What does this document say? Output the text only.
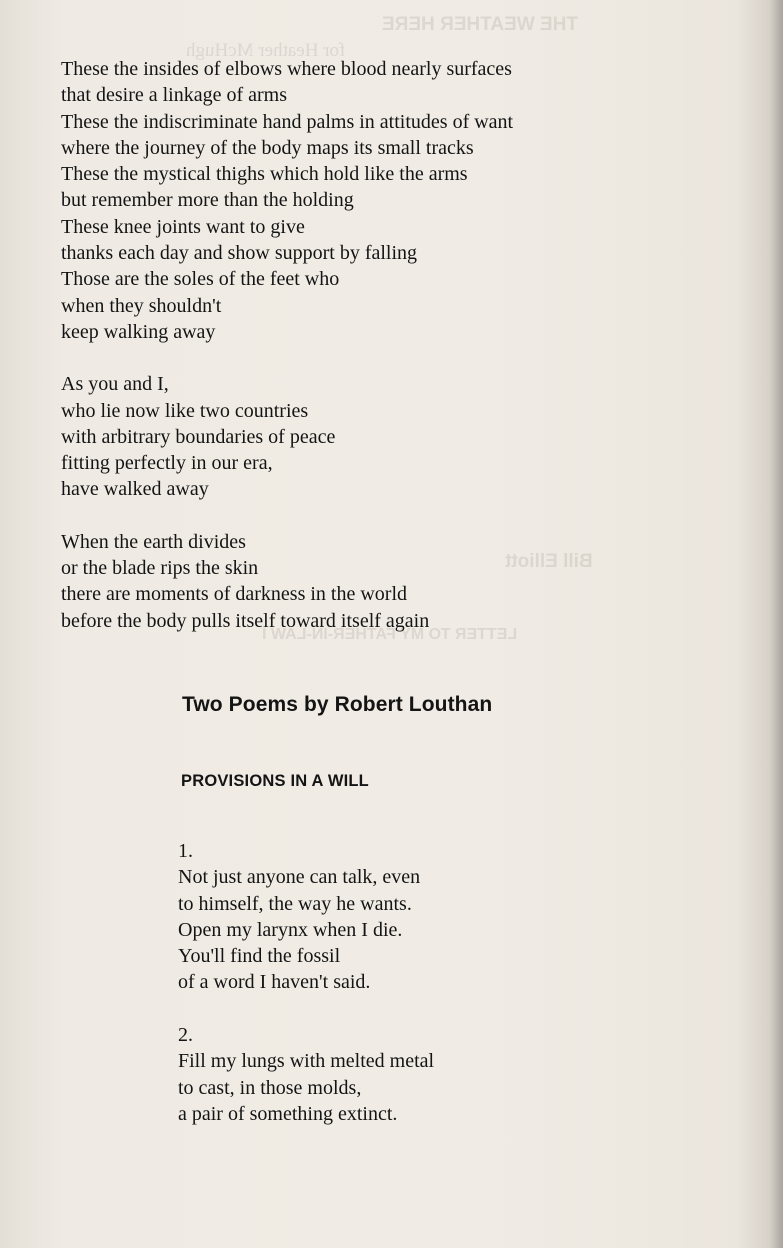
THE WEATHER HERE
for Heather McHugh
Bill Elliott
LETTER TO MY FATHER-IN-LAW I
These the insides of elbows where blood nearly surfaces
that desire a linkage of arms
These the indiscriminate hand palms in attitudes of want
where the journey of the body maps its small tracks
These the mystical thighs which hold like the arms
but remember more than the holding
These knee joints want to give
thanks each day and show support by falling
Those are the soles of the feet who
when they shouldn't
keep walking away
As you and I,
who lie now like two countries
with arbitrary boundaries of peace
fitting perfectly in our era,
have walked away
When the earth divides
or the blade rips the skin
there are moments of darkness in the world
before the body pulls itself toward itself again
Two Poems by Robert Louthan
PROVISIONS IN A WILL
1.
Not just anyone can talk, even
to himself, the way he wants.
Open my larynx when I die.
You'll find the fossil
of a word I haven't said.
2.
Fill my lungs with melted metal
to cast, in those molds,
a pair of something extinct.
